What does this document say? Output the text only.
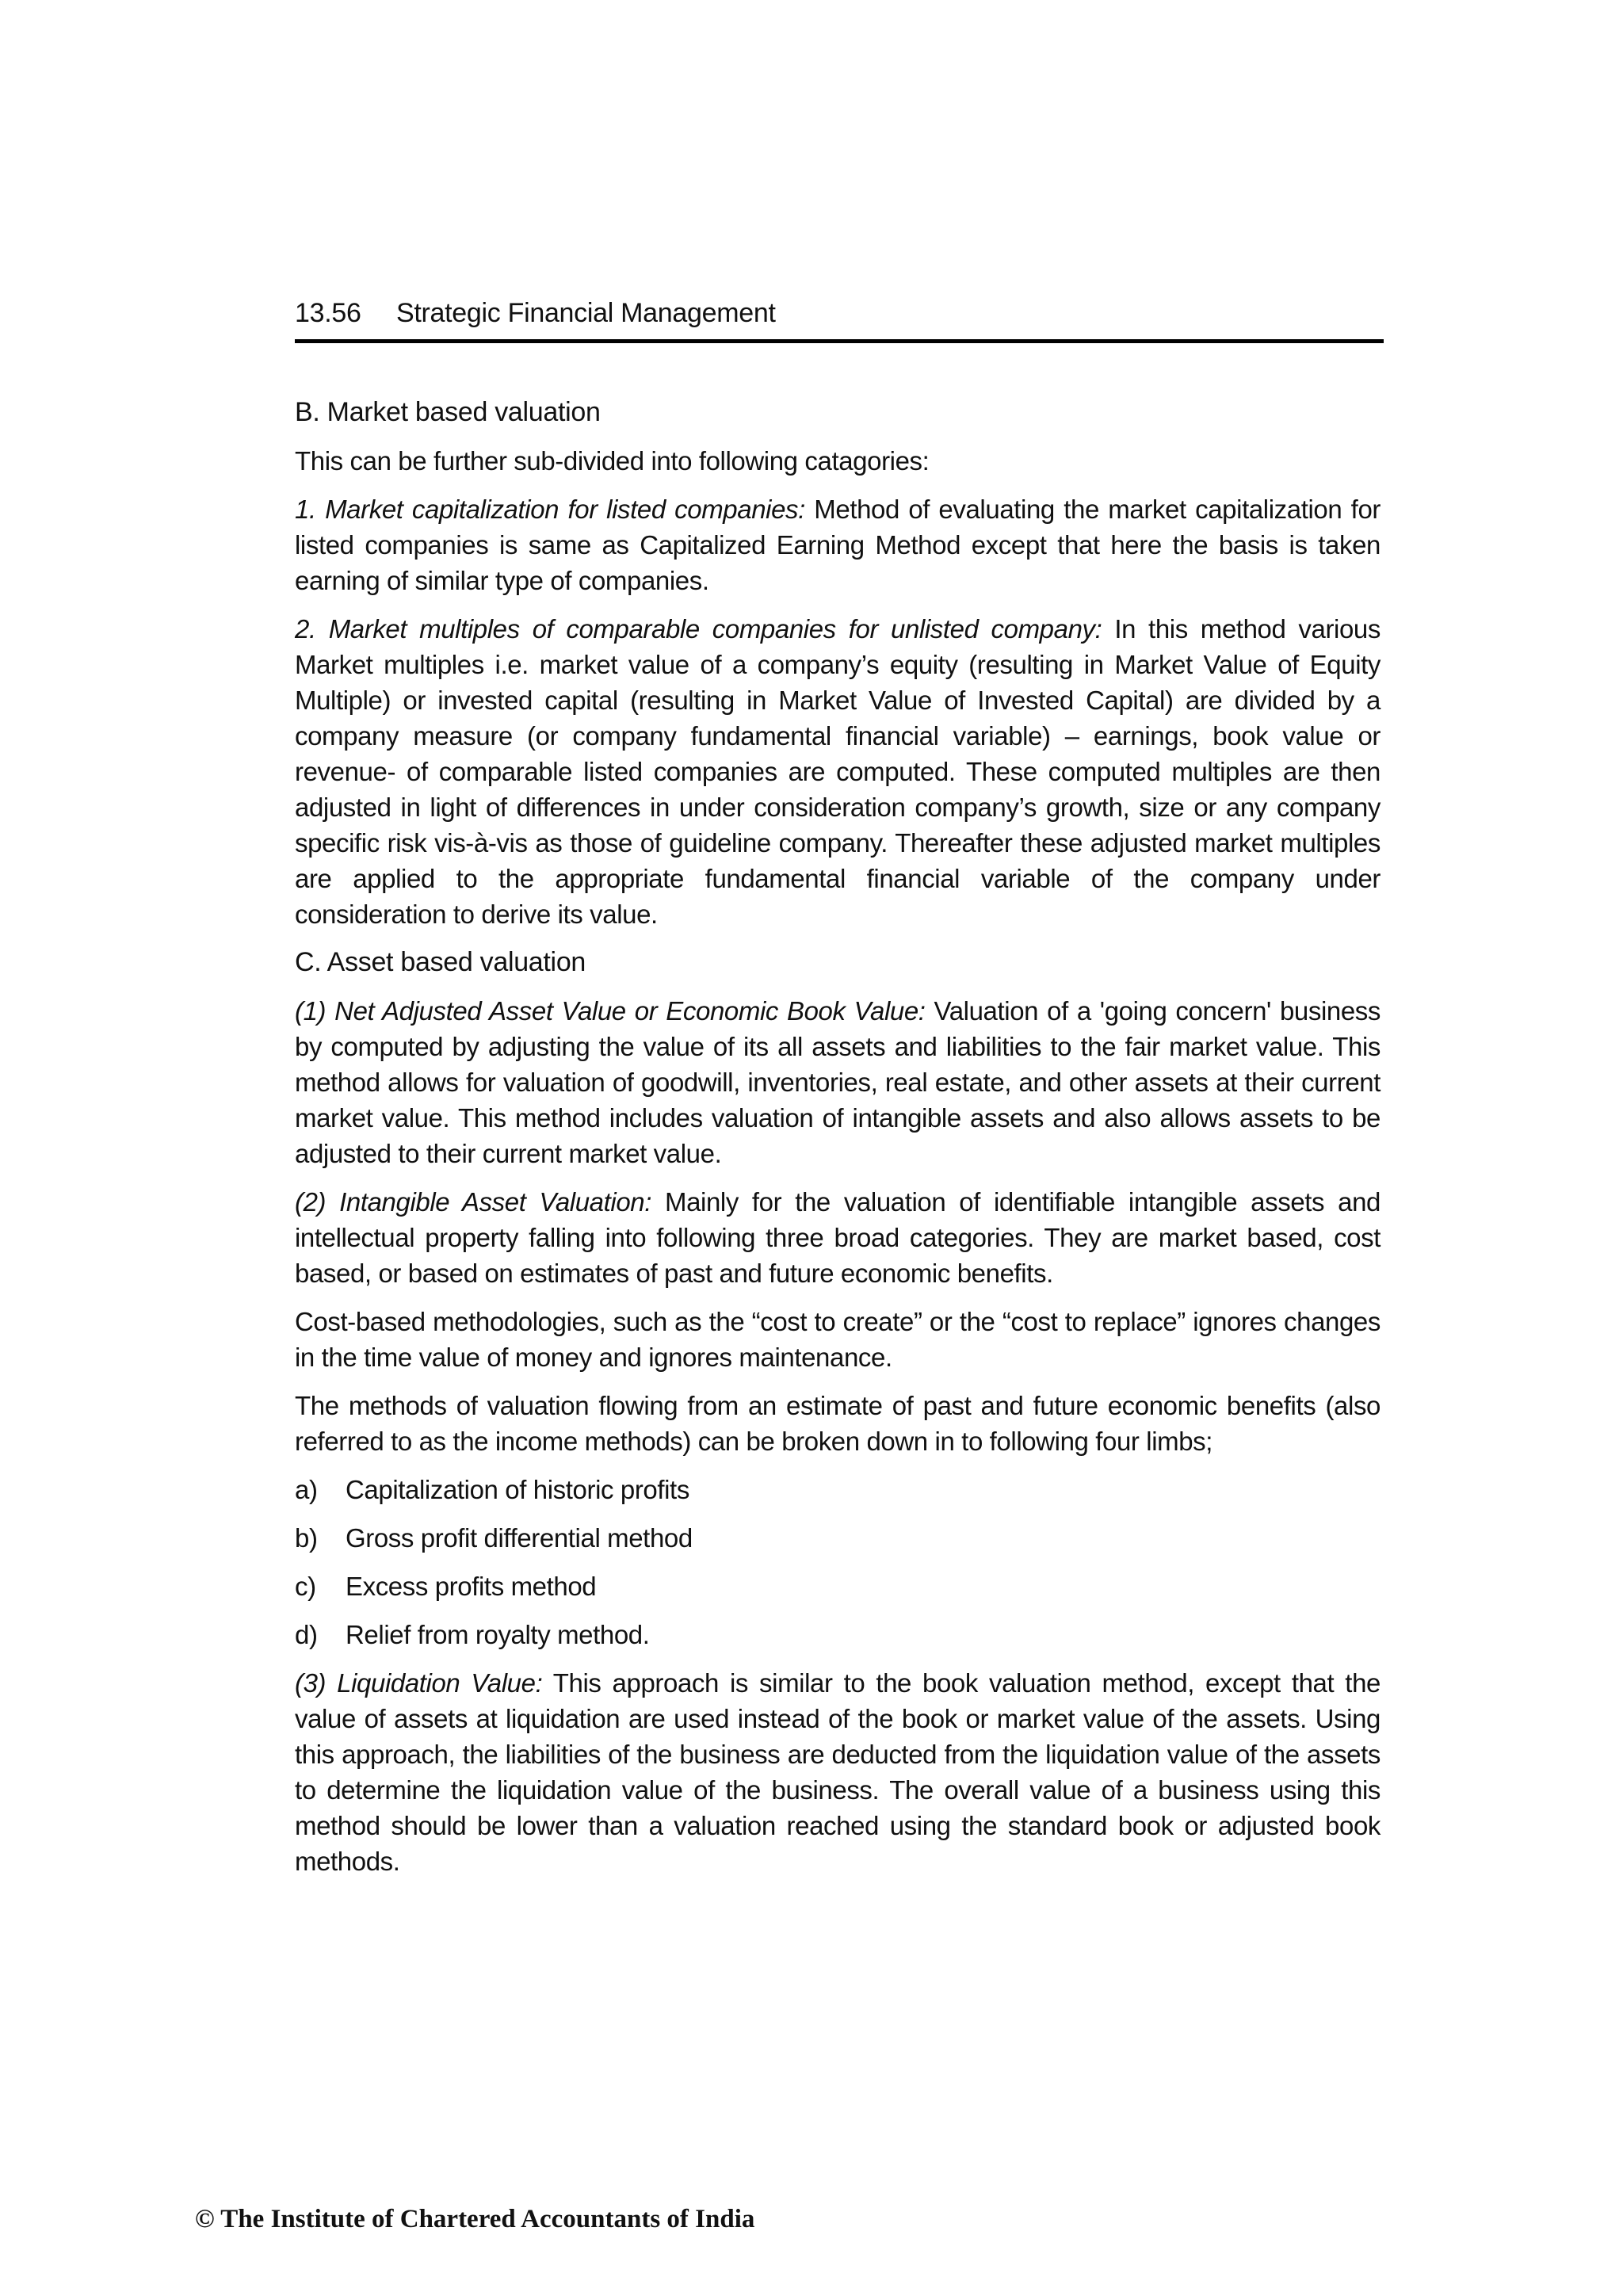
13.56 Strategic Financial Management
B. Market based valuation

This can be further sub-divided into following catagories:

1. Market capitalization for listed companies: Method of evaluating the market capitalization for listed companies is same as Capitalized Earning Method except that here the basis is taken earning of similar type of companies.

2. Market multiples of comparable companies for unlisted company: In this method various Market multiples i.e. market value of a company’s equity (resulting in Market Value of Equity Multiple) or invested capital (resulting in Market Value of Invested Capital) are divided by a company measure (or company fundamental financial variable) – earnings, book value or revenue- of comparable listed companies are computed. These computed multiples are then adjusted in light of differences in under consideration company’s growth, size or any company specific risk vis-à-vis as those of guideline company. Thereafter these adjusted market multiples are applied to the appropriate fundamental financial variable of the company under consideration to derive its value.

C. Asset based valuation

(1) Net Adjusted Asset Value or Economic Book Value: Valuation of a 'going concern' business by computed by adjusting the value of its all assets and liabilities to the fair market value. This method allows for valuation of goodwill, inventories, real estate, and other assets at their current market value. This method includes valuation of intangible assets and also allows assets to be adjusted to their current market value.

(2) Intangible Asset Valuation: Mainly for the valuation of identifiable intangible assets and intellectual property falling into following three broad categories. They are market based, cost based, or based on estimates of past and future economic benefits.

Cost-based methodologies, such as the “cost to create” or the “cost to replace” ignores changes in the time value of money and ignores maintenance.

The methods of valuation flowing from an estimate of past and future economic benefits (also referred to as the income methods) can be broken down in to following four limbs;

a) Capitalization of historic profits
b) Gross profit differential method
c) Excess profits method
d) Relief from royalty method.

(3) Liquidation Value: This approach is similar to the book valuation method, except that the value of assets at liquidation are used instead of the book or market value of the assets. Using this approach, the liabilities of the business are deducted from the liquidation value of the assets to determine the liquidation value of the business. The overall value of a business using this method should be lower than a valuation reached using the standard book or adjusted book methods.

© The Institute of Chartered Accountants of India
